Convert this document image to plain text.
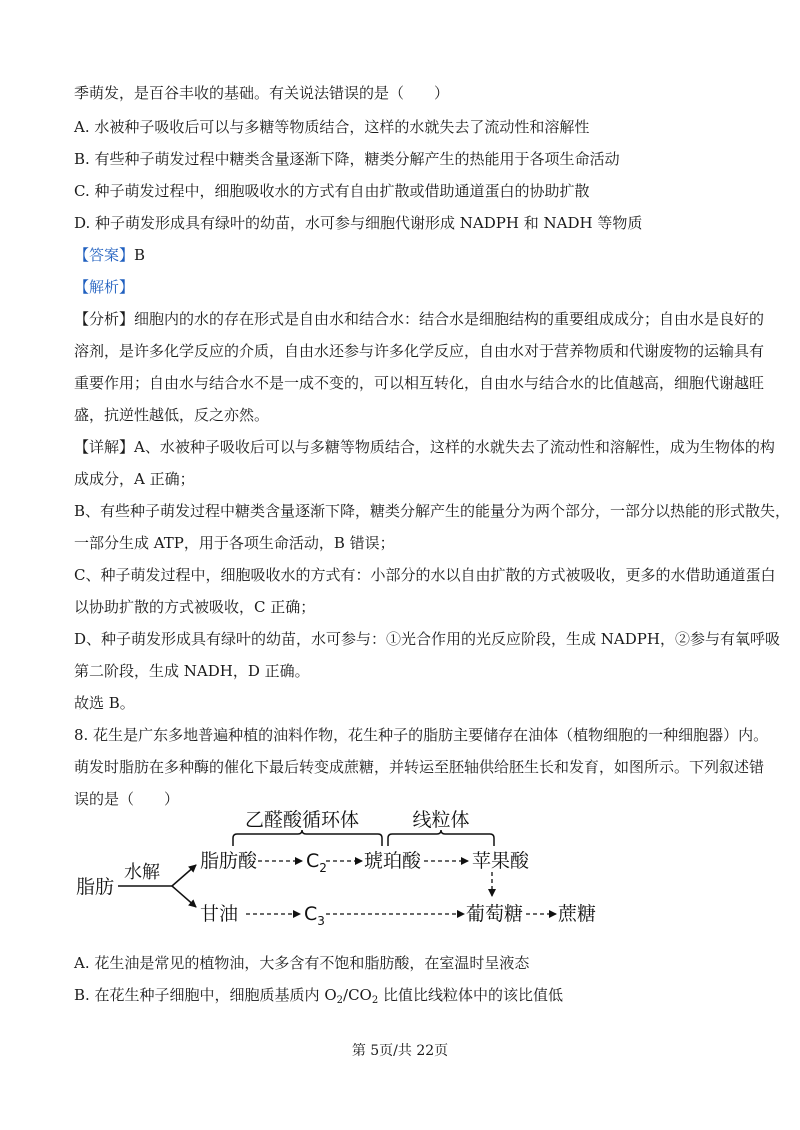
季萌发，是百谷丰收的基础。有关说法错误的是（　　）
A. 水被种子吸收后可以与多糖等物质结合，这样的水就失去了流动性和溶解性
B. 有些种子萌发过程中糖类含量逐渐下降，糖类分解产生的热能用于各项生命活动
C. 种子萌发过程中，细胞吸收水的方式有自由扩散或借助通道蛋白的协助扩散
D. 种子萌发形成具有绿叶的幼苗，水可参与细胞代谢形成 NADPH 和 NADH 等物质
【答案】B
【解析】
【分析】细胞内的水的存在形式是自由水和结合水：结合水是细胞结构的重要组成成分；自由水是良好的
溶剂，是许多化学反应的介质，自由水还参与许多化学反应，自由水对于营养物质和代谢废物的运输具有
重要作用；自由水与结合水不是一成不变的，可以相互转化，自由水与结合水的比值越高，细胞代谢越旺
盛，抗逆性越低，反之亦然。
【详解】A、水被种子吸收后可以与多糖等物质结合，这样的水就失去了流动性和溶解性，成为生物体的构
成成分，A 正确；
B、有些种子萌发过程中糖类含量逐渐下降，糖类分解产生的能量分为两个部分，一部分以热能的形式散失，
一部分生成 ATP，用于各项生命活动，B 错误；
C、种子萌发过程中，细胞吸收水的方式有：小部分的水以自由扩散的方式被吸收，更多的水借助通道蛋白
以协助扩散的方式被吸收，C 正确；
D、种子萌发形成具有绿叶的幼苗，水可参与：①光合作用的光反应阶段，生成 NADPH，②参与有氧呼吸
第二阶段，生成 NADH，D 正确。
故选 B。
8. 花生是广东多地普遍种植的油料作物，花生种子的脂肪主要储存在油体（植物细胞的一种细胞器）内。
萌发时脂肪在多种酶的催化下最后转变成蔗糖，并转运至胚轴供给胚生长和发育，如图所示。下列叙述错
误的是（　　）
乙醛酸循环体	线粒体
脂肪
水解
脂肪酸	$C_2$ 琥珀酸	苹果酸
甘油	$C_3$	葡萄糖 蔗糖
A. 花生油是常见的植物油，大多含有不饱和脂肪酸，在室温时呈液态
B. 在花生种子细胞中，细胞质基质内 $O_2/CO_2$ 比值比线粒体中的该比值低
第 5页/共 22页
